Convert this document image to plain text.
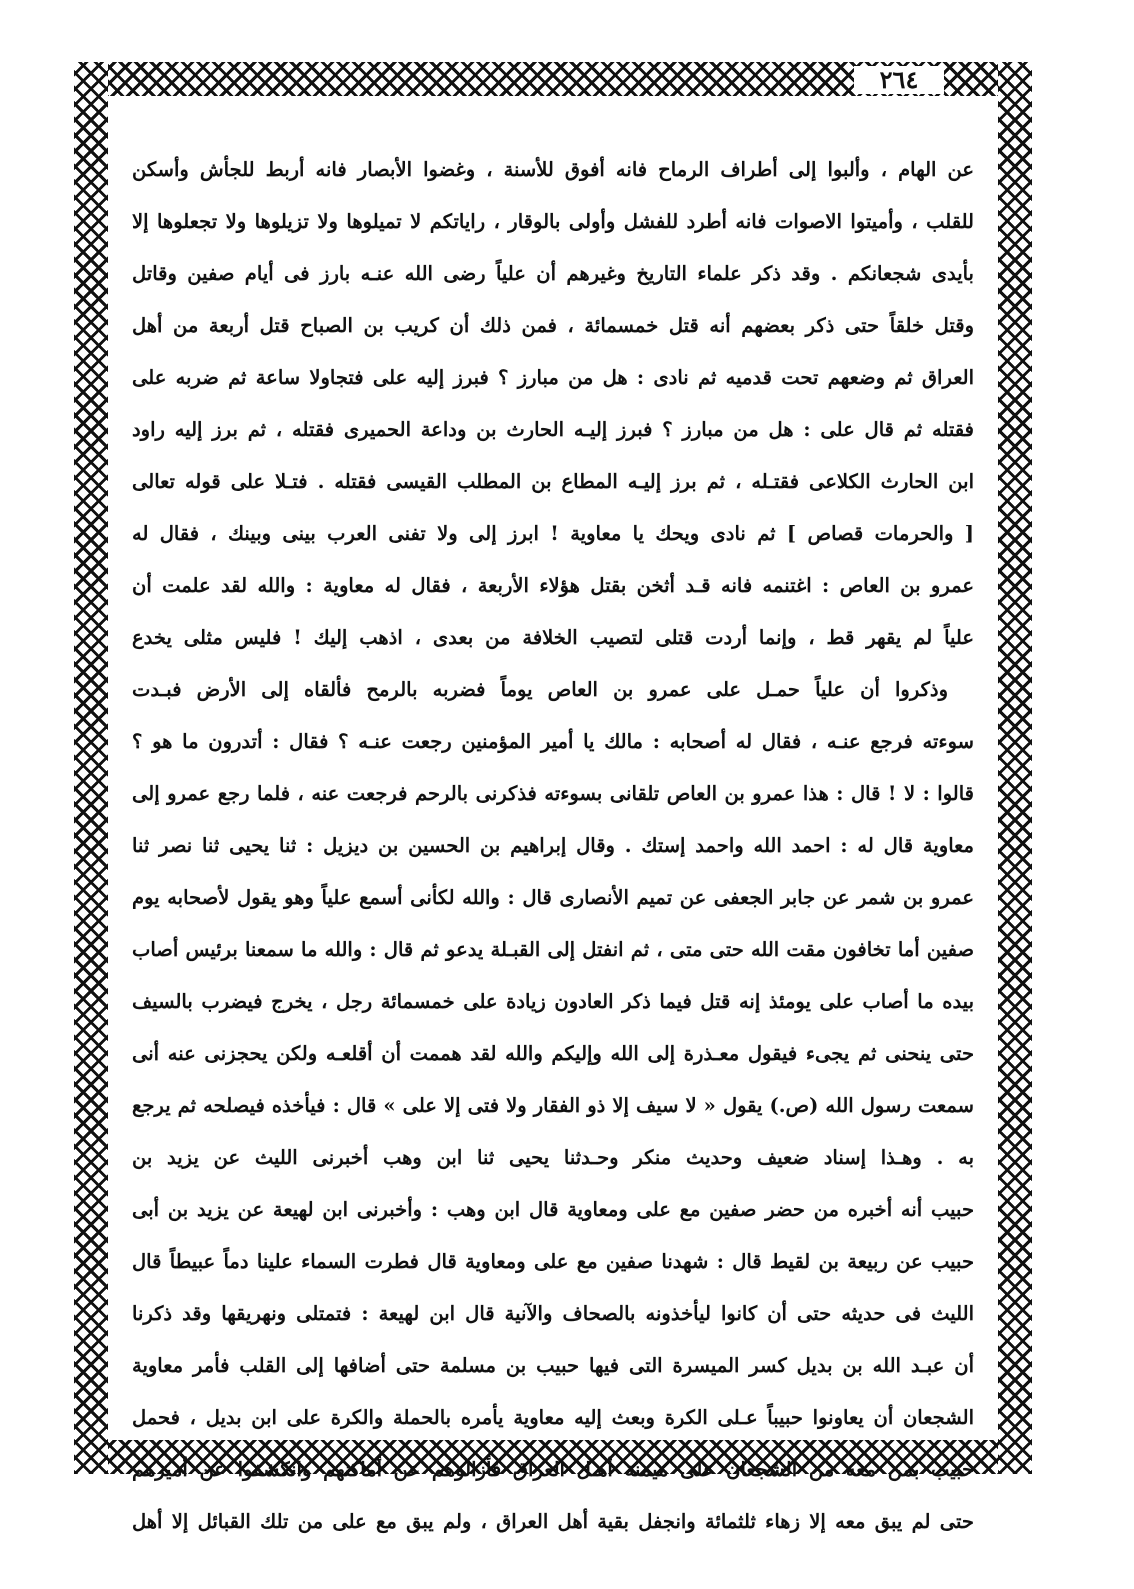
٢٦٤
عن الهام ، وألبوا إلى أطراف الرماح فانه أفوق للأسنة ، وغضوا الأبصار فانه أربط للجأش وأسكن
للقلب ، وأميتوا الاصوات فانه أطرد للفشل وأولى بالوقار ، راياتكم لا تميلوها ولا تزيلوها ولا تجعلوها إلا
بأيدى شجعانكم . وقد ذكر علماء التاريخ وغيرهم أن علياً رضى الله عنـه بارز فى أيام صفين وقاتل
وقتل خلقاً حتى ذكر بعضهم أنه قتل خمسمائة ، فمن ذلك أن كريب بن الصباح قتل أربعة من أهل
العراق ثم وضعهم تحت قدميه ثم نادى : هل من مبارز ؟ فبرز إليه على فتجاولا ساعة ثم ضربه على
فقتله ثم قال على : هل من مبارز ؟ فبرز إليـه الحارث بن وداعة الحميرى فقتله ، ثم برز إليه راود
ابن الحارث الكلاعى فقتـله ، ثم برز إليـه المطاع بن المطلب القيسى فقتله . فتـلا على قوله تعالى
[ والحرمات قصاص ] ثم نادى ويحك يا معاوية ! ابرز إلى ولا تفنى العرب بينى وبينك ، فقال له
عمرو بن العاص : اغتنمه فانه قـد أثخن بقتل هؤلاء الأربعة ، فقال له معاوية : والله لقد علمت أن
علياً لم يقهر قط ، وإنما أردت قتلى لتصيب الخلافة من بعدى ، اذهب إليك ! فليس مثلى يخدع
وذكروا أن علياً حمـل على عمرو بن العاص يوماً فضربه بالرمح فألقاه إلى الأرض فبـدت
سوءته فرجع عنـه ، فقال له أصحابه : مالك يا أمير المؤمنين رجعت عنـه ؟ فقال : أتدرون ما هو ؟
قالوا : لا ! قال : هذا عمرو بن العاص تلقانى بسوءته فذكرنى بالرحم فرجعت عنه ، فلما رجع عمرو إلى
معاوية قال له : احمد الله واحمد إستك . وقال إبراهيم بن الحسين بن ديزيل : ثنا يحيى ثنا نصر ثنا
عمرو بن شمر عن جابر الجعفى عن تميم الأنصارى قال : والله لكأنى أسمع علياً وهو يقول لأصحابه يوم
صفين أما تخافون مقت الله حتى متى ، ثم انفتل إلى القبـلة يدعو ثم قال : والله ما سمعنا برئيس أصاب
بيده ما أصاب على يومئذ إنه قتل فيما ذكر العادون زيادة على خمسمائة رجل ، يخرج فيضرب بالسيف
حتى ينحنى ثم يجىء فيقول معـذرة إلى الله وإليكم والله لقد هممت أن أقلعـه ولكن يحجزنى عنه أنى
سمعت رسول الله (ص.) يقول « لا سيف إلا ذو الفقار ولا فتى إلا على » قال : فيأخذه فيصلحه ثم يرجع
به . وهـذا إسناد ضعيف وحديث منكر وحـدثنا يحيى ثنا ابن وهب أخبرنى الليث عن يزيد بن
حبيب أنه أخبره من حضر صفين مع على ومعاوية قال ابن وهب : وأخبرنى ابن لهيعة عن يزيد بن أبى
حبيب عن ربيعة بن لقيط قال : شهدنا صفين مع على ومعاوية قال فطرت السماء علينا دماً عبيطاً قال
الليث فى حديثه حتى أن كانوا ليأخذونه بالصحاف والآنية قال ابن لهيعة : فتمتلى ونهريقها وقد ذكرنا
أن عبـد الله بن بديل كسر الميسرة التى فيها حبيب بن مسلمة حتى أضافها إلى القلب فأمر معاوية
الشجعان أن يعاونوا حبيباً عـلى الكرة وبعث إليه معاوية يأمره بالحملة والكرة على ابن بديل ، فحمل
حبيب بمن معه من الشجعان على ميمنة أهـل العراق فأزالوهم عن أماكنهم وانكشفوا عن أميرهم
حتى لم يبق معه إلا زهاء ثلثمائة وانجفل بقية أهل العراق ، ولم يبق مع على من تلك القبائل إلا أهل
